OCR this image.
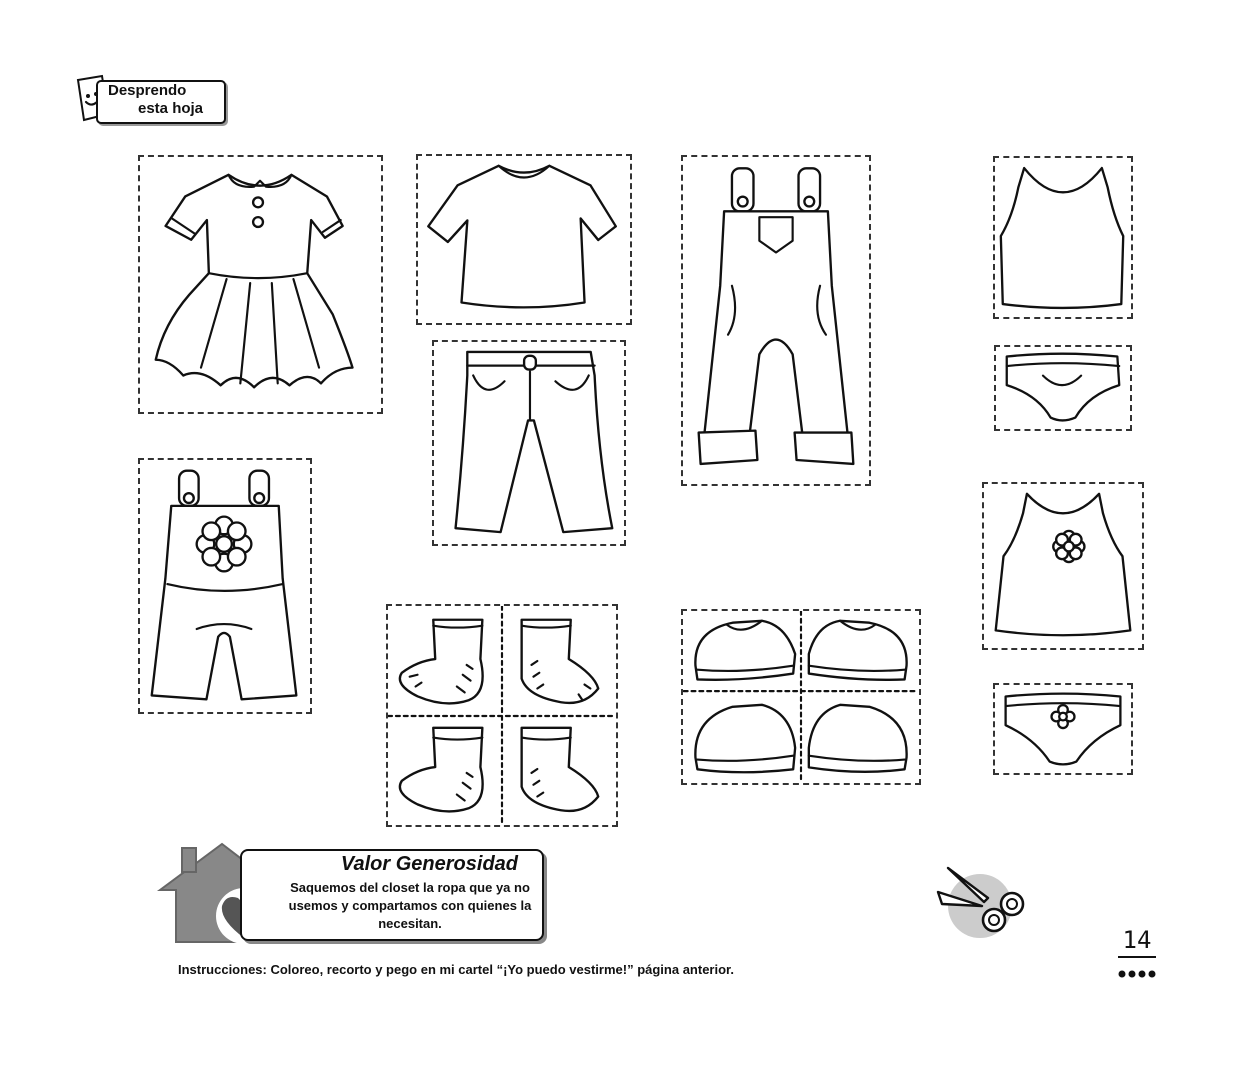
Desprendo
esta hoja
Valor Generosidad
Saquemos del closet la ropa que ya no usemos y compartamos con quienes la necesitan.
Instrucciones: Coloreo, recorto y pego en mi cartel “¡Yo puedo vestirme!” página anterior.
14
